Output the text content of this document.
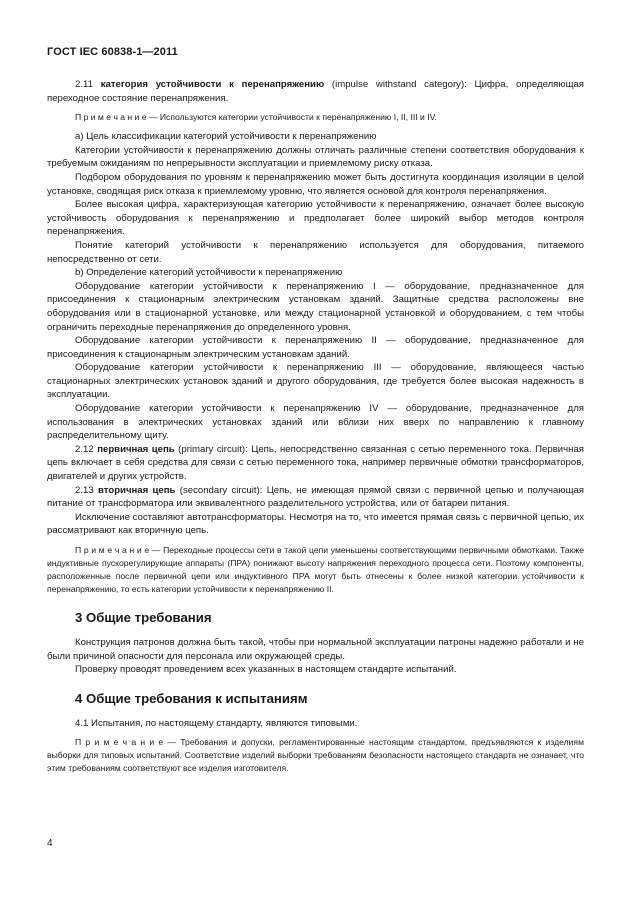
ГОСТ IEC 60838-1—2011

2.11 категория устойчивости к перенапряжению (impulse withstand category): Цифра, определяющая переходное состояние перенапряжения.

П р и м е ч а н и е — Используются категории устойчивости к перенапряжению I, II, III и IV.

а) Цель классификации категорий устойчивости к перенапряжению

Категории устойчивости к перенапряжению должны отличать различные степени соответствия оборудования к требуемым ожиданиям по непрерывности эксплуатации и приемлемому риску отказа.

Подбором оборудования по уровням к перенапряжению может быть достигнута координация изоляции в целой установке, сводящая риск отказа к приемлемому уровню, что является основой для контроля перенапряжения.

Более высокая цифра, характеризующая категорию устойчивости к перенапряжению, означает более высокую устойчивость оборудования к перенапряжению и предполагает более широкий выбор методов контроля перенапряжения.

Понятие категорий устойчивости к перенапряжению используется для оборудования, питаемого непосредственно от сети.

b) Определение категорий устойчивости к перенапряжению

Оборудование категории устойчивости к перенапряжению I — оборудование, предназначенное для присоединения к стационарным электрическим установкам зданий. Защитные средства расположены вне оборудования или в стационарной установке, или между стационарной установкой и оборудованием, с тем чтобы ограничить переходные перенапряжения до определенного уровня.

Оборудование категории устойчивости к перенапряжению II — оборудование, предназначенное для присоединения к стационарным электрическим установкам зданий.

Оборудование категории устойчивости к перенапряжению III — оборудование, являющееся частью стационарных электрических установок зданий и другого оборудования, где требуется более высокая надежность в эксплуатации.

Оборудование категории устойчивости к перенапряжению IV — оборудование, предназначенное для использования в электрических установках зданий или вблизи них вверх по направлению к главному распределительному щиту.

2.12 первичная цепь (primary circuit): Цепь, непосредственно связанная с сетью переменного тока. Первичная цепь включает в себя средства для связи с сетью переменного тока, например первичные обмотки трансформаторов, двигателей и других устройств.

2.13 вторичная цепь (secondary circuit): Цепь, не имеющая прямой связи с первичной цепью и получающая питание от трансформатора или эквивалентного разделительного устройства, или от батареи питания.

Исключение составляют автотрансформаторы. Несмотря на то, что имеется прямая связь с первичной цепью, их рассматривают как вторичную цепь.

П р и м е ч а н и е — Переходные процессы сети в такой цепи уменьшены соответствующими первичными обмотками. Также индуктивные пускорегулирующие аппараты (ПРА) понижают высоту напряжения переходного процесса сети. Поэтому компоненты, расположенные после первичной цепи или индуктивного ПРА могут быть отнесены к более низкой категории устойчивости к перенапряжению, то есть категории устойчивости к перенапряжению II.

3 Общие требования

Конструкция патронов должна быть такой, чтобы при нормальной эксплуатации патроны надежно работали и не были причиной опасности для персонала или окружающей среды.

Проверку проводят проведением всех указанных в настоящем стандарте испытаний.

4 Общие требования к испытаниям

4.1 Испытания, по настоящему стандарту, являются типовыми.

П р и м е ч а н и е — Требования и допуски, регламентированные настоящим стандартом, предъявляются к изделиям выборки для типовых испытаний. Соответствие изделий выборки требованиям безопасности настоящего стандарта не означает, что этим требованиям соответствуют все изделия изготовителя.

4
